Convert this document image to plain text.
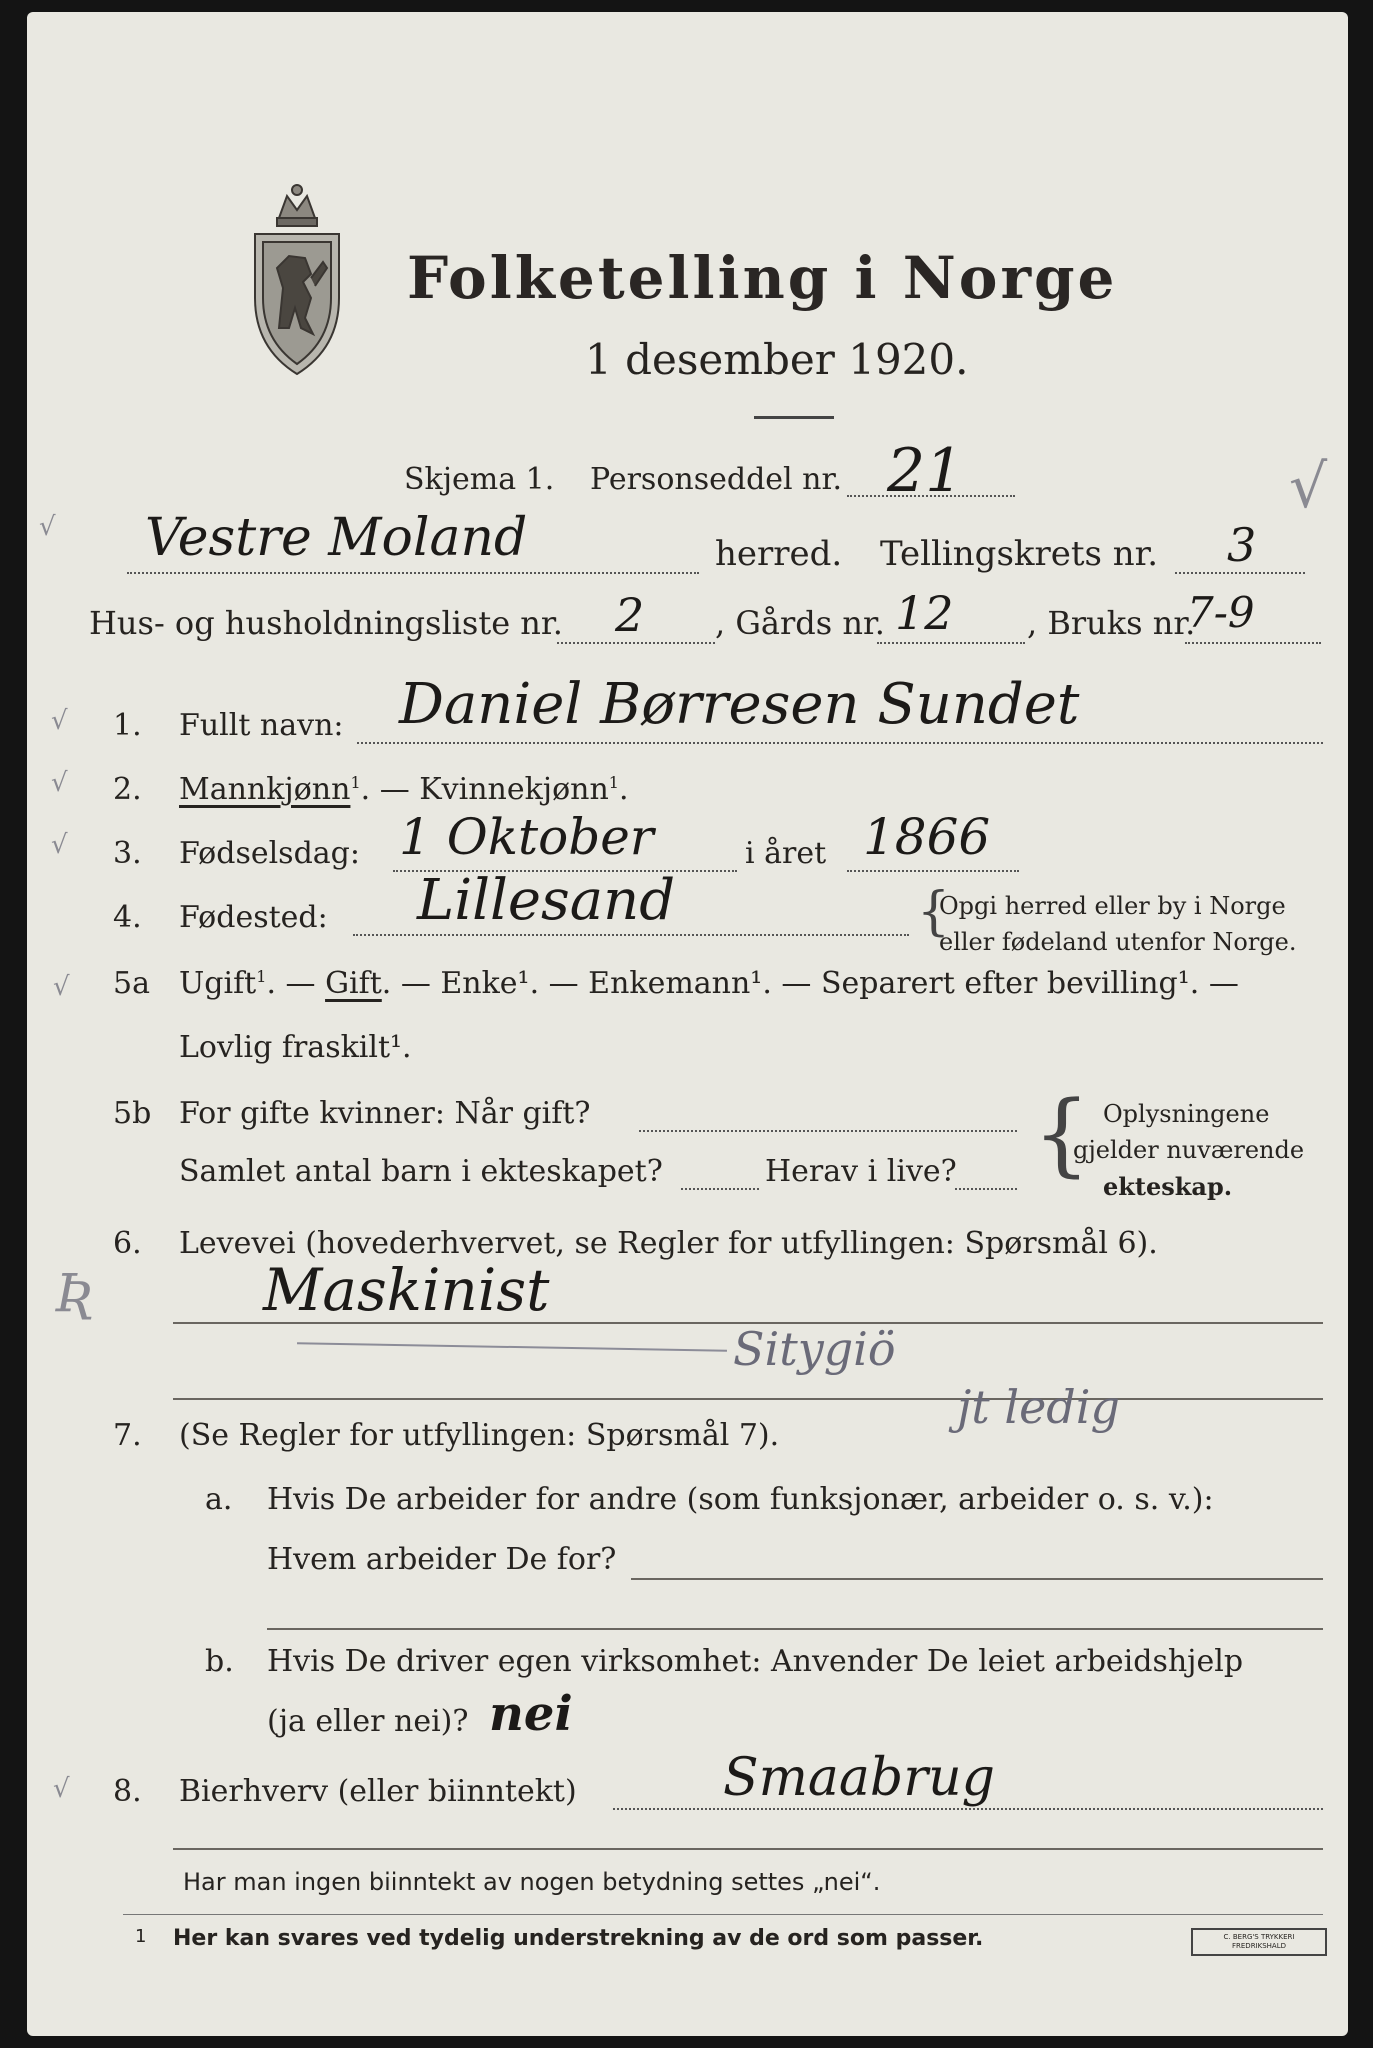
Folketelling i Norge
1 desember 1920.
Skjema 1. Personseddel nr. 21	√
√ Vestre Moland	herred. Tellingskrets nr. 3
Hus- og husholdningsliste nr. 2 , Gårds nr. 12 , Bruks nr.
7-9
√ 1. Fullt navn: Daniel Børresen Sundet
√ 2. Mannkjønn$^1$. — Kvinnekjønn$^1$.
√ 3. Fødselsdag: 1 Oktober	i året 1866
4. Fødested: Lillesand	{
Opgi herred eller by i Norge
eller fødeland utenfor Norge.
√ 5a Ugift$^1$. — Gift. — Enke¹. — Enkemann¹. — Separert efter bevilling¹. —
Lovlig fraskilt¹.
5b For gifte kvinner: Når gift?
Samlet antal barn i ekteskapet?	Herav i live? { Oplysningene
gjelder nuværende
ekteskap.
6. Levevei (hovederhvervet, se Regler for utfyllingen: Spørsmål 6).
Ʀ	Maskinist
Sitygiö
jt ledig
7. (Se Regler for utfyllingen: Spørsmål 7).
a. Hvis De arbeider for andre (som funksjonær, arbeider o. s. v.):
Hvem arbeider De for?
b. Hvis De driver egen virksomhet: Anvender De leiet arbeidshjelp
(ja eller nei)? nei
√ 8. Bierhverv (eller biinntekt)	Smaabrug
Har man ingen biinntekt av nogen betydning settes „nei“.
1 Her kan svares ved tydelig understrekning av de ord som passer.	C. BERG'S TRYKKERI FREDRIKSHALD
